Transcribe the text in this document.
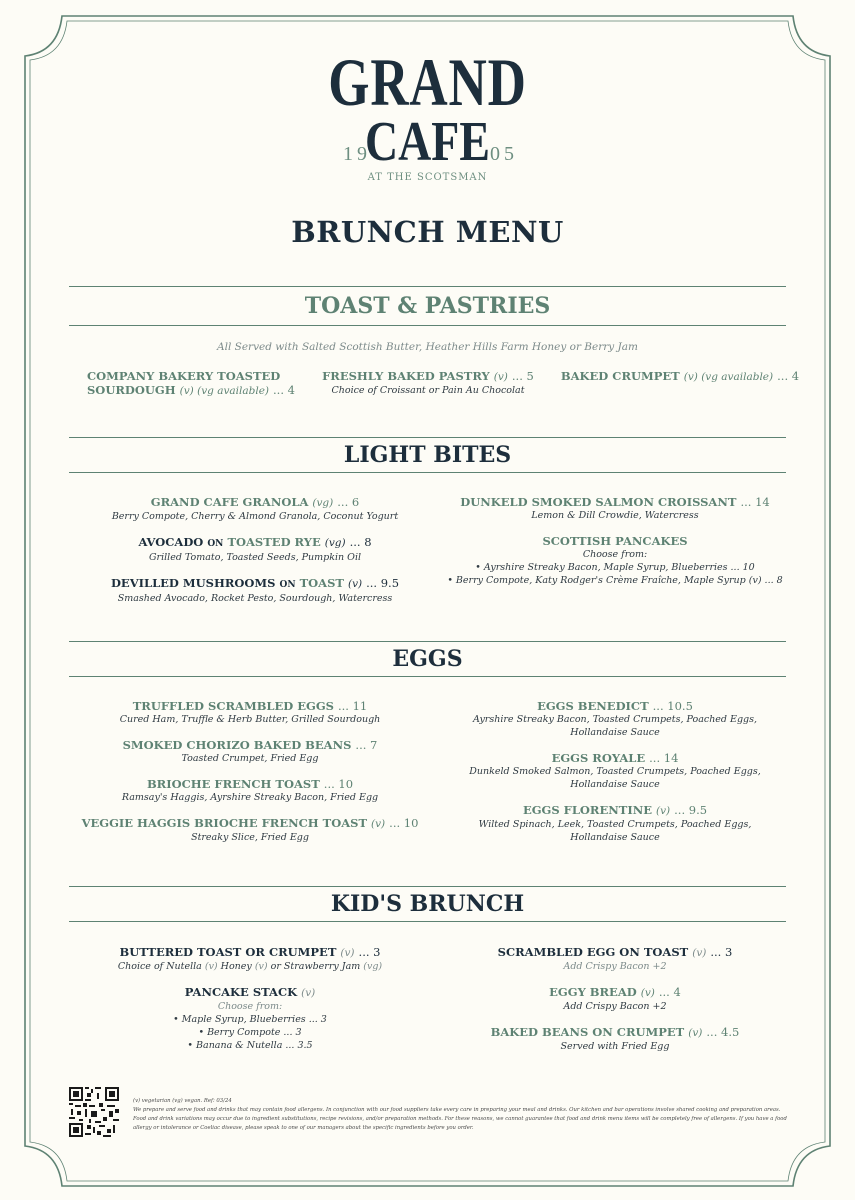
GRAND
CAFE
19	05
AT THE SCOTSMAN
BRUNCH MENU
TOAST & PASTRIES
All Served with Salted Scottish Butter, Heather Hills Farm Honey or Berry Jam
COMPANY BAKERY TOASTED
SOURDOUGH (v) (vg available) ... 4
FRESHLY BAKED PASTRY (v) ... 5
Choice of Croissant or Pain Au Chocolat
BAKED CRUMPET (v) (vg available) ... 4
LIGHT BITES
GRAND CAFE GRANOLA (vg) ... 6
Berry Compote, Cherry & Almond Granola, Coconut Yogurt
AVOCADO ON TOASTED RYE (vg) ... 8
Grilled Tomato, Toasted Seeds, Pumpkin Oil
DEVILLED MUSHROOMS ON TOAST (v) ... 9.5
Smashed Avocado, Rocket Pesto, Sourdough, Watercress
DUNKELD SMOKED SALMON CROISSANT ... 14
Lemon & Dill Crowdie, Watercress
SCOTTISH PANCAKES
Choose from:
• Ayrshire Streaky Bacon, Maple Syrup, Blueberries ... 10
• Berry Compote, Katy Rodger's Crème Fraîche, Maple Syrup (v) ... 8
EGGS
TRUFFLED SCRAMBLED EGGS ... 11
Cured Ham, Truffle & Herb Butter, Grilled Sourdough
SMOKED CHORIZO BAKED BEANS ... 7
Toasted Crumpet, Fried Egg
BRIOCHE FRENCH TOAST ... 10
Ramsay's Haggis, Ayrshire Streaky Bacon, Fried Egg
VEGGIE HAGGIS BRIOCHE FRENCH TOAST (v) ... 10
Streaky Slice, Fried Egg
EGGS BENEDICT ... 10.5
Ayrshire Streaky Bacon, Toasted Crumpets, Poached Eggs,
Hollandaise Sauce
EGGS ROYALE ... 14
Dunkeld Smoked Salmon, Toasted Crumpets, Poached Eggs,
Hollandaise Sauce
EGGS FLORENTINE (v) ... 9.5
Wilted Spinach, Leek, Toasted Crumpets, Poached Eggs,
Hollandaise Sauce
KID'S BRUNCH
BUTTERED TOAST OR CRUMPET (v) ... 3
Choice of Nutella (v) Honey (v) or Strawberry Jam (vg)
PANCAKE STACK (v)
Choose from:
• Maple Syrup, Blueberries ... 3
• Berry Compote ... 3
• Banana & Nutella ... 3.5
SCRAMBLED EGG ON TOAST (v) ... 3
Add Crispy Bacon +2
EGGY BREAD (v) ... 4
Add Crispy Bacon +2
BAKED BEANS ON CRUMPET (v) ... 4.5
Served with Fried Egg
(v) vegetarian (vg) vegan. Ref: 03/24
We prepare and serve food and drinks that may contain food allergens. In conjunction with our food suppliers take every care in preparing your meal and drinks. Our kitchen and bar operations involve shared cooking and preparation areas. Food and drink variations may occur due to ingredient substitutions, recipe revisions, and/or preparation methods. For these reasons, we cannot guarantee that food and drink menu items will be completely free of allergens. If you have a food allergy or intolerance or Coeliac disease, please speak to one of our managers about the specific ingredients before you order.
